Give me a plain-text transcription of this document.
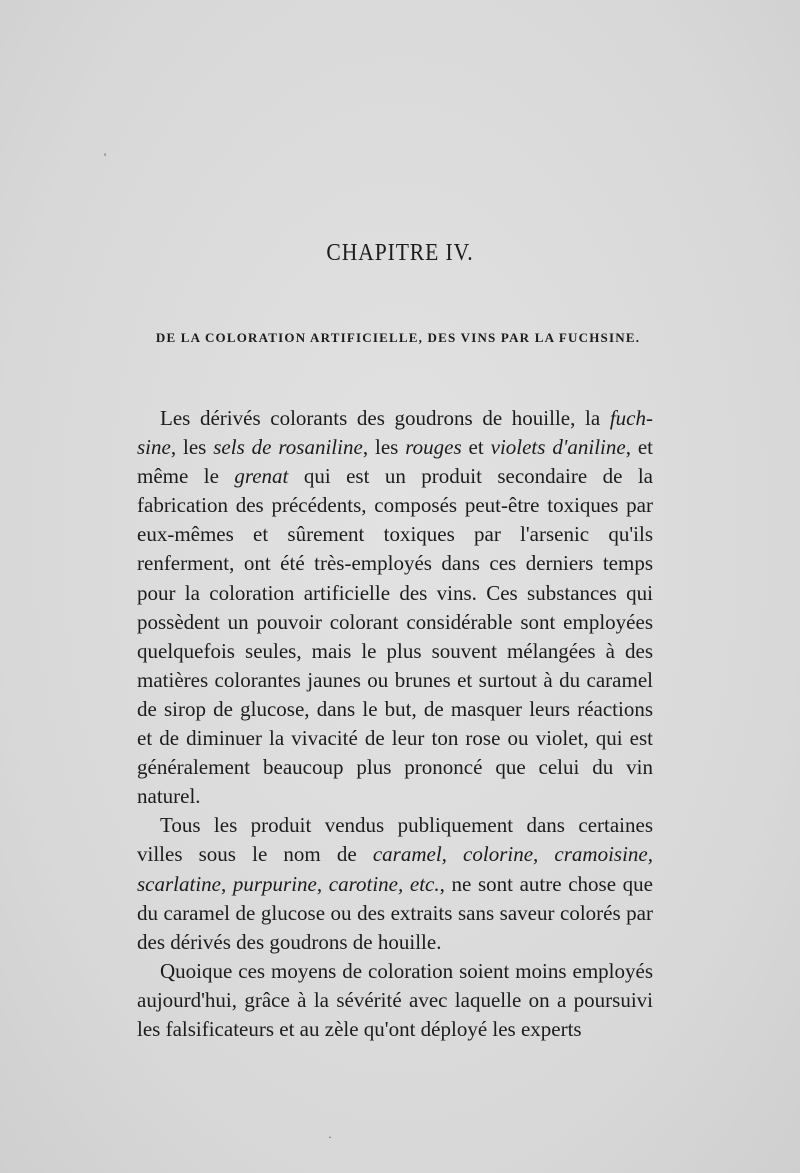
'
CHAPITRE IV.
DE LA COLORATION ARTIFICIELLE, DES VINS PAR LA FUCHSINE.

Les dérivés colorants des goudrons de houille, la fuch-sine, les sels de rosaniline, les rouges et violets d'aniline, et même le grenat qui est un produit secondaire de la fabrication des précédents, composés peut-être toxiques par eux-mêmes et sûrement toxiques par l'arsenic qu'ils renferment, ont été très-employés dans ces derniers temps pour la coloration artificielle des vins. Ces substances qui possèdent un pouvoir colorant considérable sont employées quelquefois seules, mais le plus souvent mélangées à des matières colorantes jaunes ou brunes et surtout à du caramel de sirop de glucose, dans le but, de masquer leurs réactions et de diminuer la vivacité de leur ton rose ou violet, qui est généralement beaucoup plus prononcé que celui du vin naturel.

Tous les produit vendus publiquement dans certaines villes sous le nom de caramel, colorine, cramoisine, scarlatine, purpurine, carotine, etc., ne sont autre chose que du caramel de glucose ou des extraits sans saveur colorés par des dérivés des goudrons de houille.

Quoique ces moyens de coloration soient moins employés aujourd'hui, grâce à la sévérité avec laquelle on a poursuivi les falsificateurs et au zèle qu'ont déployé les experts

·
